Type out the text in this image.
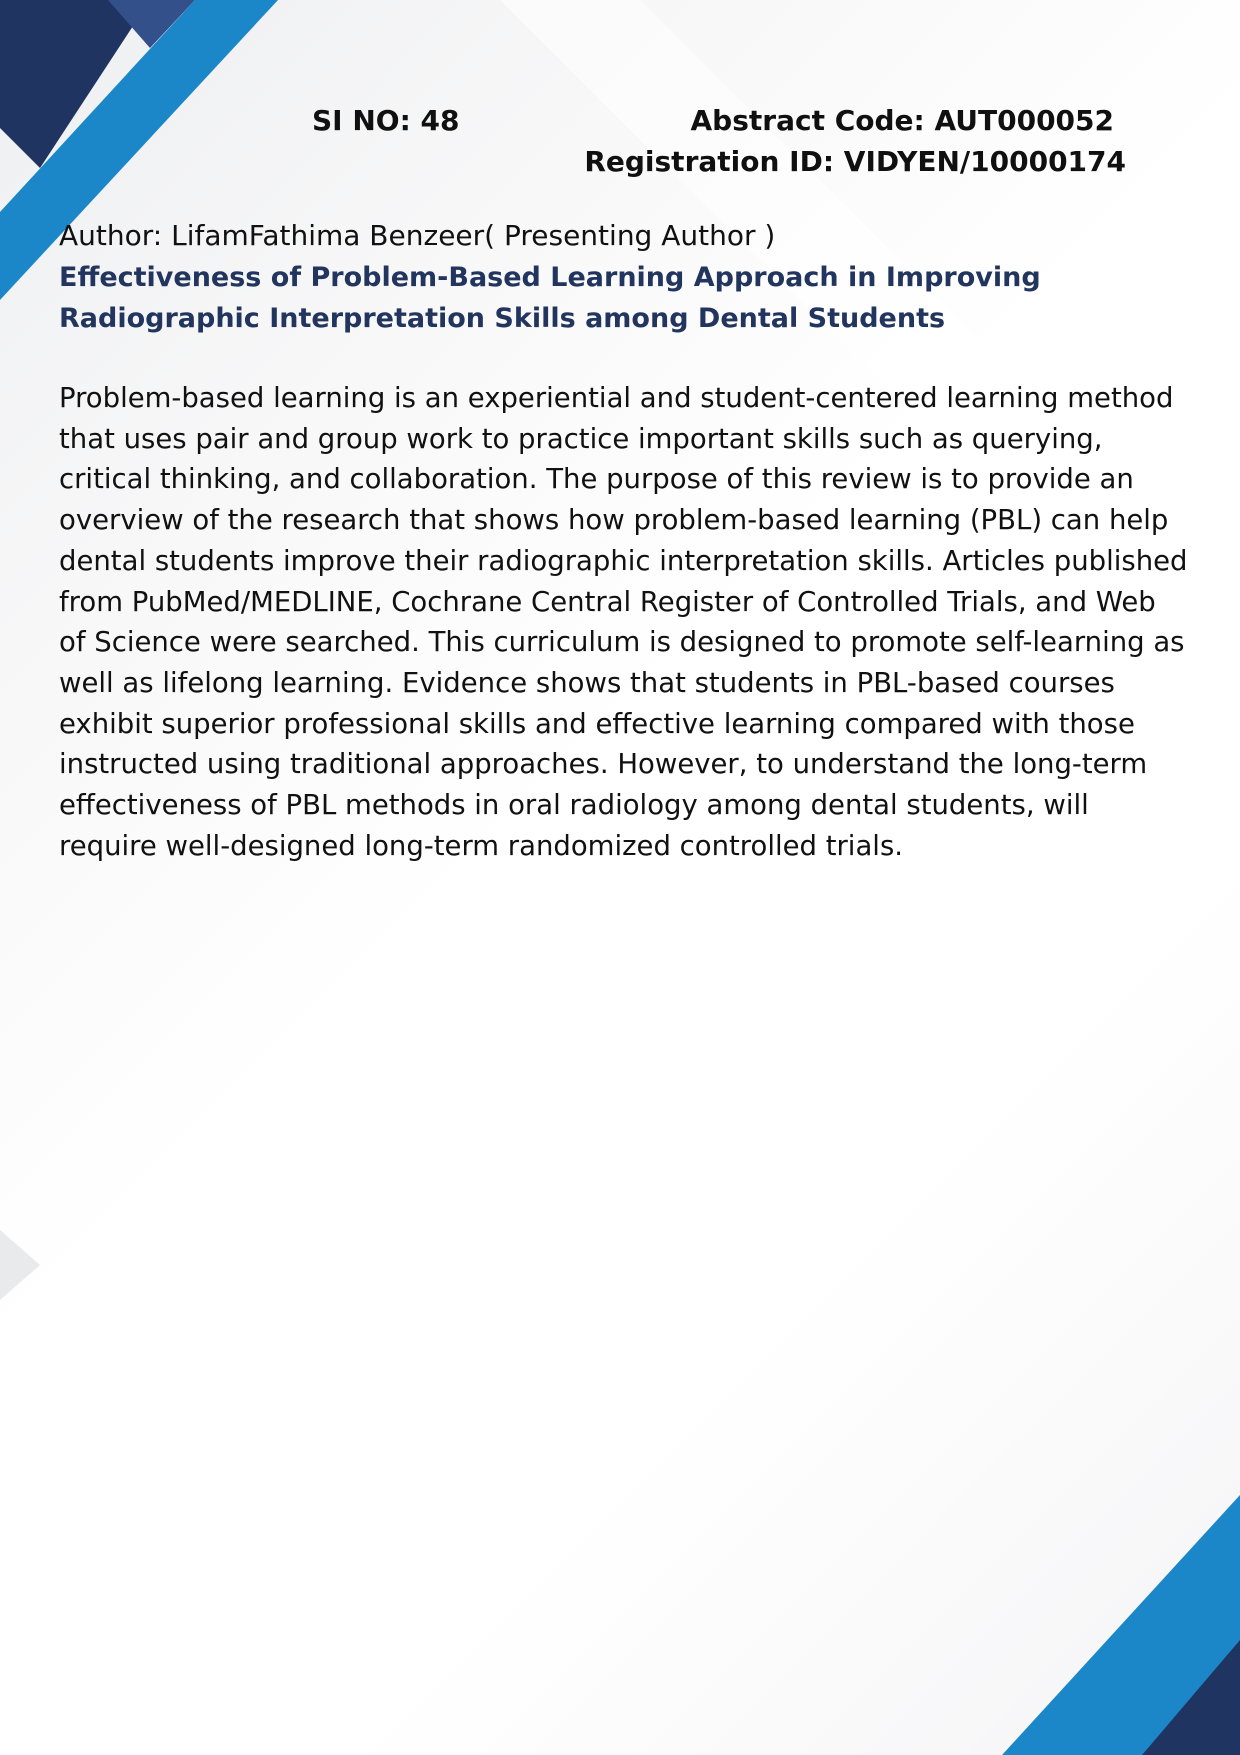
SI NO: 48	Abstract Code: AUT000052
Registration ID: VIDYEN/10000174
Author: LifamFathima Benzeer( Presenting Author )
Effectiveness of Problem-Based Learning Approach in Improving Radiographic Interpretation Skills among Dental Students
Problem-based learning is an experiential and student-centered learning method that uses pair and group work to practice important skills such as querying, critical thinking, and collaboration. The purpose of this review is to provide an overview of the research that shows how problem-based learning (PBL) can help dental students improve their radiographic interpretation skills. Articles published from PubMed/MEDLINE, Cochrane Central Register of Controlled Trials, and Web of Science were searched. This curriculum is designed to promote self-learning as well as lifelong learning. Evidence shows that students in PBL-based courses exhibit superior professional skills and effective learning compared with those instructed using traditional approaches. However, to understand the long-term effectiveness of PBL methods in oral radiology among dental students, will require well-designed long-term randomized controlled trials.
